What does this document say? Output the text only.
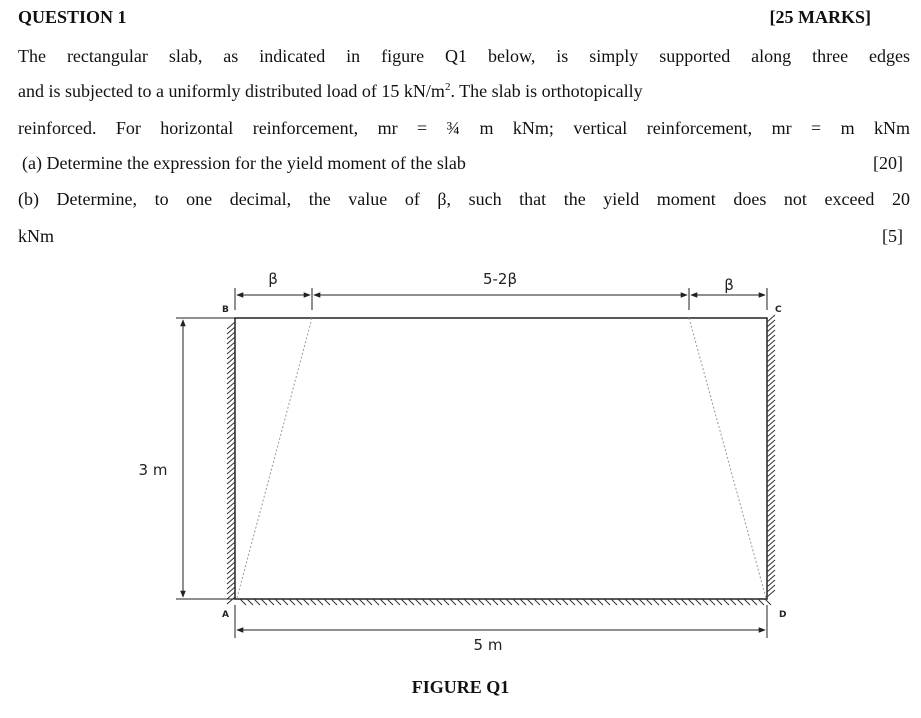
QUESTION 1	[25 MARKS]
The rectangular slab, as indicated in figure Q1 below, is simply supported along three edges
and is subjected to a uniformly distributed load of 15 $kN/m^2$. The slab is orthotopically
reinforced. For horizontal reinforcement, mr = ¾ m kNm; vertical reinforcement, mr = m kNm
(a) Determine the expression for the yield moment of the slab	[20]
(b) Determine, to one decimal, the value of β, such that the yield moment does not exceed 20
kNm	[5]
β	5-2β	β
3 m
5 m
B	C
A	D
FIGURE Q1
